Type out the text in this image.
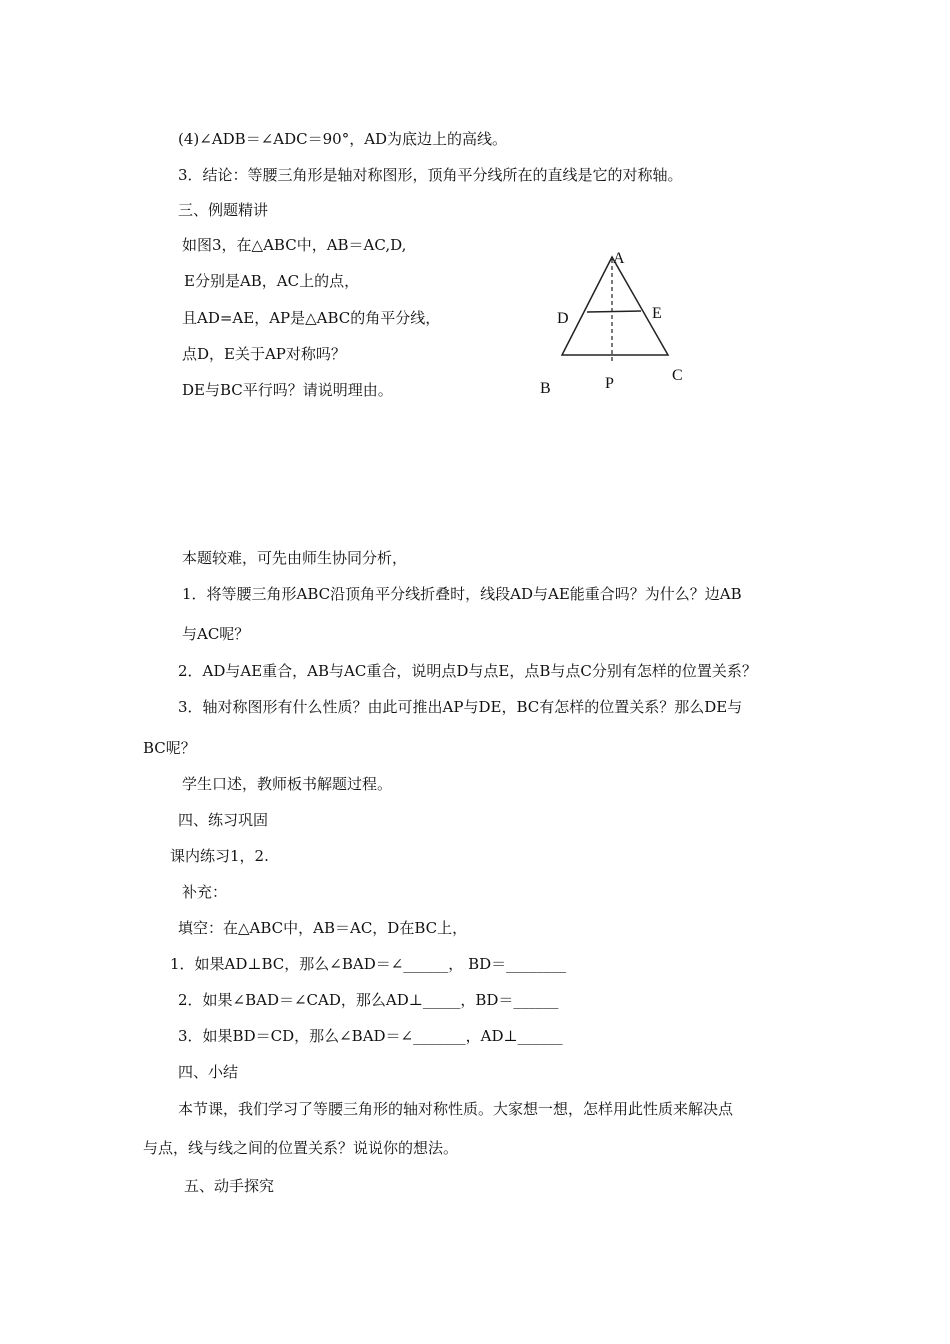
(4)∠ADB＝∠ADC＝90°，AD为底边上的高线。
3．结论：等腰三角形是轴对称图形，顶角平分线所在的直线是它的对称轴。
三、例题精讲
如图3，在△ABC中，AB＝AC,D,
E分别是AB，AC上的点，
且AD=AE，AP是△ABC的角平分线，
点D，E关于AP对称吗？
DE与BC平行吗？请说明理由。
A
D	E
C
P
B
本题较难，可先由师生协同分析，
1．将等腰三角形ABC沿顶角平分线折叠时，线段AD与AE能重合吗？为什么？边AB
与AC呢？
2．AD与AE重合，AB与AC重合，说明点D与点E，点B与点C分别有怎样的位置关系？
3．轴对称图形有什么性质？由此可推出AP与DE，BC有怎样的位置关系？那么DE与
BC呢？
学生口述，教师板书解题过程。
四、练习巩固
课内练习1，2.
补充：
填空：在△ABC中，AB＝AC，D在BC上，
1．如果AD⊥BC，那么∠BAD＝∠______， BD＝________
2．如果∠BAD＝∠CAD，那么AD⊥_____，BD＝______
3．如果BD＝CD，那么∠BAD＝∠_______，AD⊥______
四、小结
本节课，我们学习了等腰三角形的轴对称性质。大家想一想，怎样用此性质来解决点
与点，线与线之间的位置关系？说说你的想法。
五、动手探究
